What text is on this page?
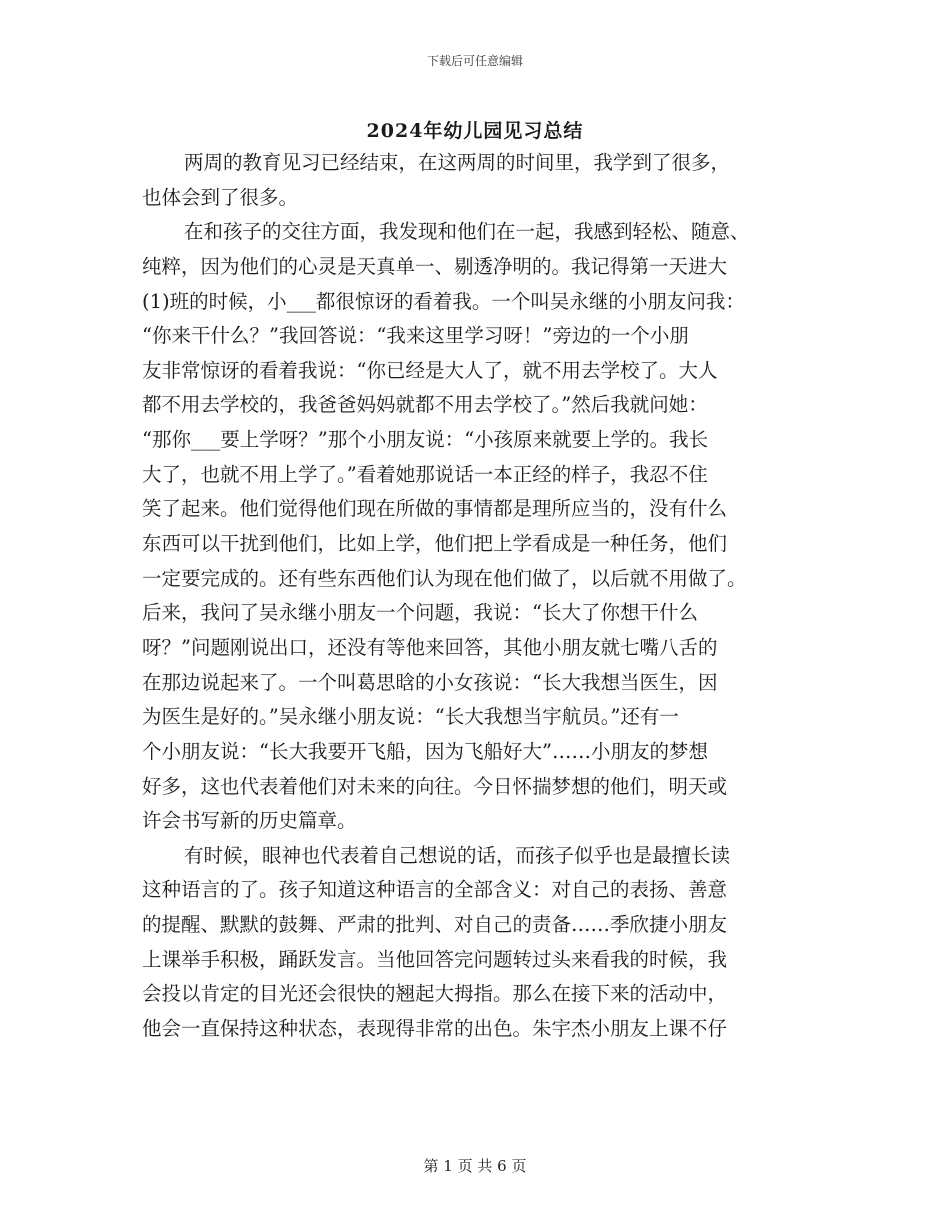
下载后可任意编辑
2024年幼儿园见习总结
两周的教育见习已经结束，在这两周的时间里，我学到了很多，
也体会到了很多。
在和孩子的交往方面，我发现和他们在一起，我感到轻松、随意、
纯粹，因为他们的心灵是天真单一、剔透净明的。我记得第一天进大
(1)班的时候，小___都很惊讶的看着我。一个叫吴永继的小朋友问我：
“你来干什么？”我回答说：“我来这里学习呀！”旁边的一个小朋
友非常惊讶的看着我说：“你已经是大人了，就不用去学校了。大人
都不用去学校的，我爸爸妈妈就都不用去学校了。”然后我就问她：
“那你___要上学呀？”那个小朋友说：“小孩原来就要上学的。我长
大了，也就不用上学了。”看着她那说话一本正经的样子，我忍不住
笑了起来。他们觉得他们现在所做的事情都是理所应当的，没有什么
东西可以干扰到他们，比如上学，他们把上学看成是一种任务，他们
一定要完成的。还有些东西他们认为现在他们做了，以后就不用做了。
后来，我问了吴永继小朋友一个问题，我说：“长大了你想干什么
呀？”问题刚说出口，还没有等他来回答，其他小朋友就七嘴八舌的
在那边说起来了。一个叫葛思晗的小女孩说：“长大我想当医生，因
为医生是好的。”吴永继小朋友说：“长大我想当宇航员。”还有一
个小朋友说：“长大我要开飞船，因为飞船好大”……小朋友的梦想
好多，这也代表着他们对未来的向往。今日怀揣梦想的他们，明天或
许会书写新的历史篇章。
有时候，眼神也代表着自己想说的话，而孩子似乎也是最擅长读
这种语言的了。孩子知道这种语言的全部含义：对自己的表扬、善意
的提醒、默默的鼓舞、严肃的批判、对自己的责备……季欣捷小朋友
上课举手积极，踊跃发言。当他回答完问题转过头来看我的时候，我
会投以肯定的目光还会很快的翘起大拇指。那么在接下来的活动中，
他会一直保持这种状态，表现得非常的出色。朱宇杰小朋友上课不仔
第 1 页 共 6 页
